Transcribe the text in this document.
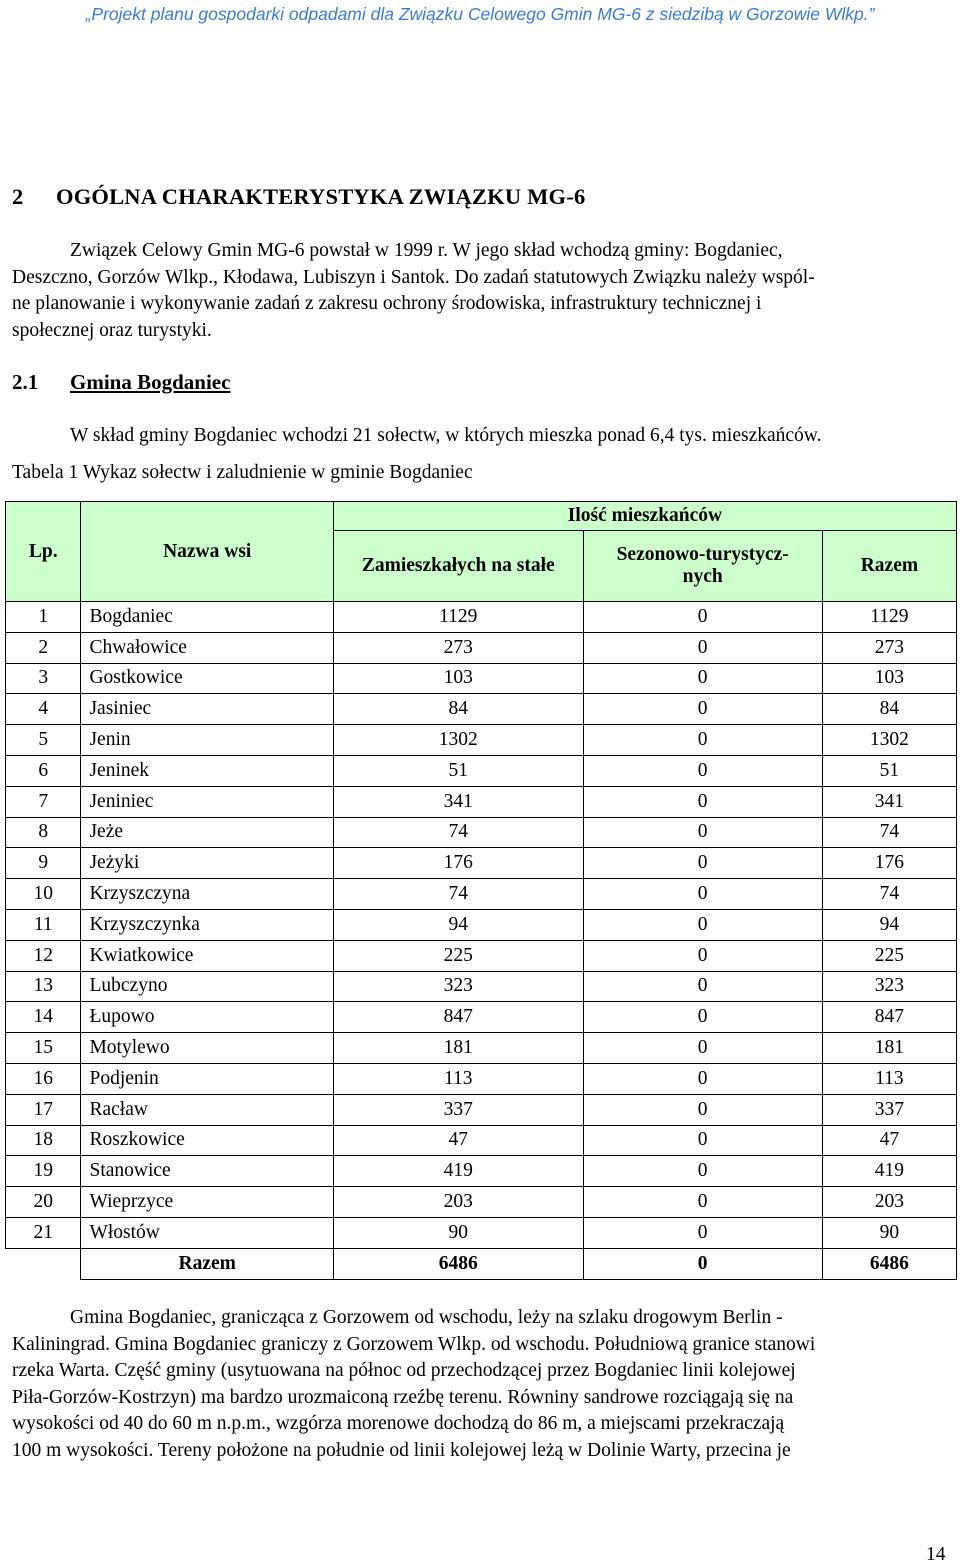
„Projekt planu gospodarki odpadami dla Związku Celowego Gmin MG-6 z siedzibą w Gorzowie Wlkp.”
2 OGÓLNA CHARAKTERYSTYKA ZWIĄZKU MG-6
Związek Celowy Gmin MG-6 powstał w 1999 r. W jego skład wchodzą gminy: Bogdaniec,
Deszczno, Gorzów Wlkp., Kłodawa, Lubiszyn i Santok. Do zadań statutowych Związku należy wspól-
ne planowanie i wykonywanie zadań z zakresu ochrony środowiska, infrastruktury technicznej i
społecznej oraz turystyki.
2.1 Gmina Bogdaniec
W skład gminy Bogdaniec wchodzi 21 sołectw, w których mieszka ponad 6,4 tys. mieszkańców.
Tabela 1 Wykaz sołectw i zaludnienie w gminie Bogdaniec
Lp.	Nazwa wsi	Ilość mieszkańców		
		Zamieszkałych na stałe	Sezonowo-turystycz-
nych	Razem
1	Bogdaniec	1129	0	1129
2	Chwałowice	273	0	273
3	Gostkowice	103	0	103
4	Jasiniec	84	0	84
5	Jenin	1302	0	1302
6	Jeninek	51	0	51
7	Jeniniec	341	0	341
8	Jeże	74	0	74
9	Jeżyki	176	0	176
10	Krzyszczyna	74	0	74
11	Krzyszczynka	94	0	94
12	Kwiatkowice	225	0	225
13	Lubczyno	323	0	323
14	Łupowo	847	0	847
15	Motylewo	181	0	181
16	Podjenin	113	0	113
17	Racław	337	0	337
18	Roszkowice	47	0	47
19	Stanowice	419	0	419
20	Wieprzyce	203	0	203
21	Włostów	90	0	90
	Razem	6486	0	6486
Gmina Bogdaniec, granicząca z Gorzowem od wschodu, leży na szlaku drogowym Berlin -
Kaliningrad. Gmina Bogdaniec graniczy z Gorzowem Wlkp. od wschodu. Południową granice stanowi
rzeka Warta. Część gminy (usytuowana na północ od przechodzącej przez Bogdaniec linii kolejowej
Piła-Gorzów-Kostrzyn) ma bardzo urozmaiconą rzeźbę terenu. Równiny sandrowe rozciągają się na
wysokości od 40 do 60 m n.p.m., wzgórza morenowe dochodzą do 86 m, a miejscami przekraczają
100 m wysokości. Tereny położone na południe od linii kolejowej leżą w Dolinie Warty, przecina je
14
